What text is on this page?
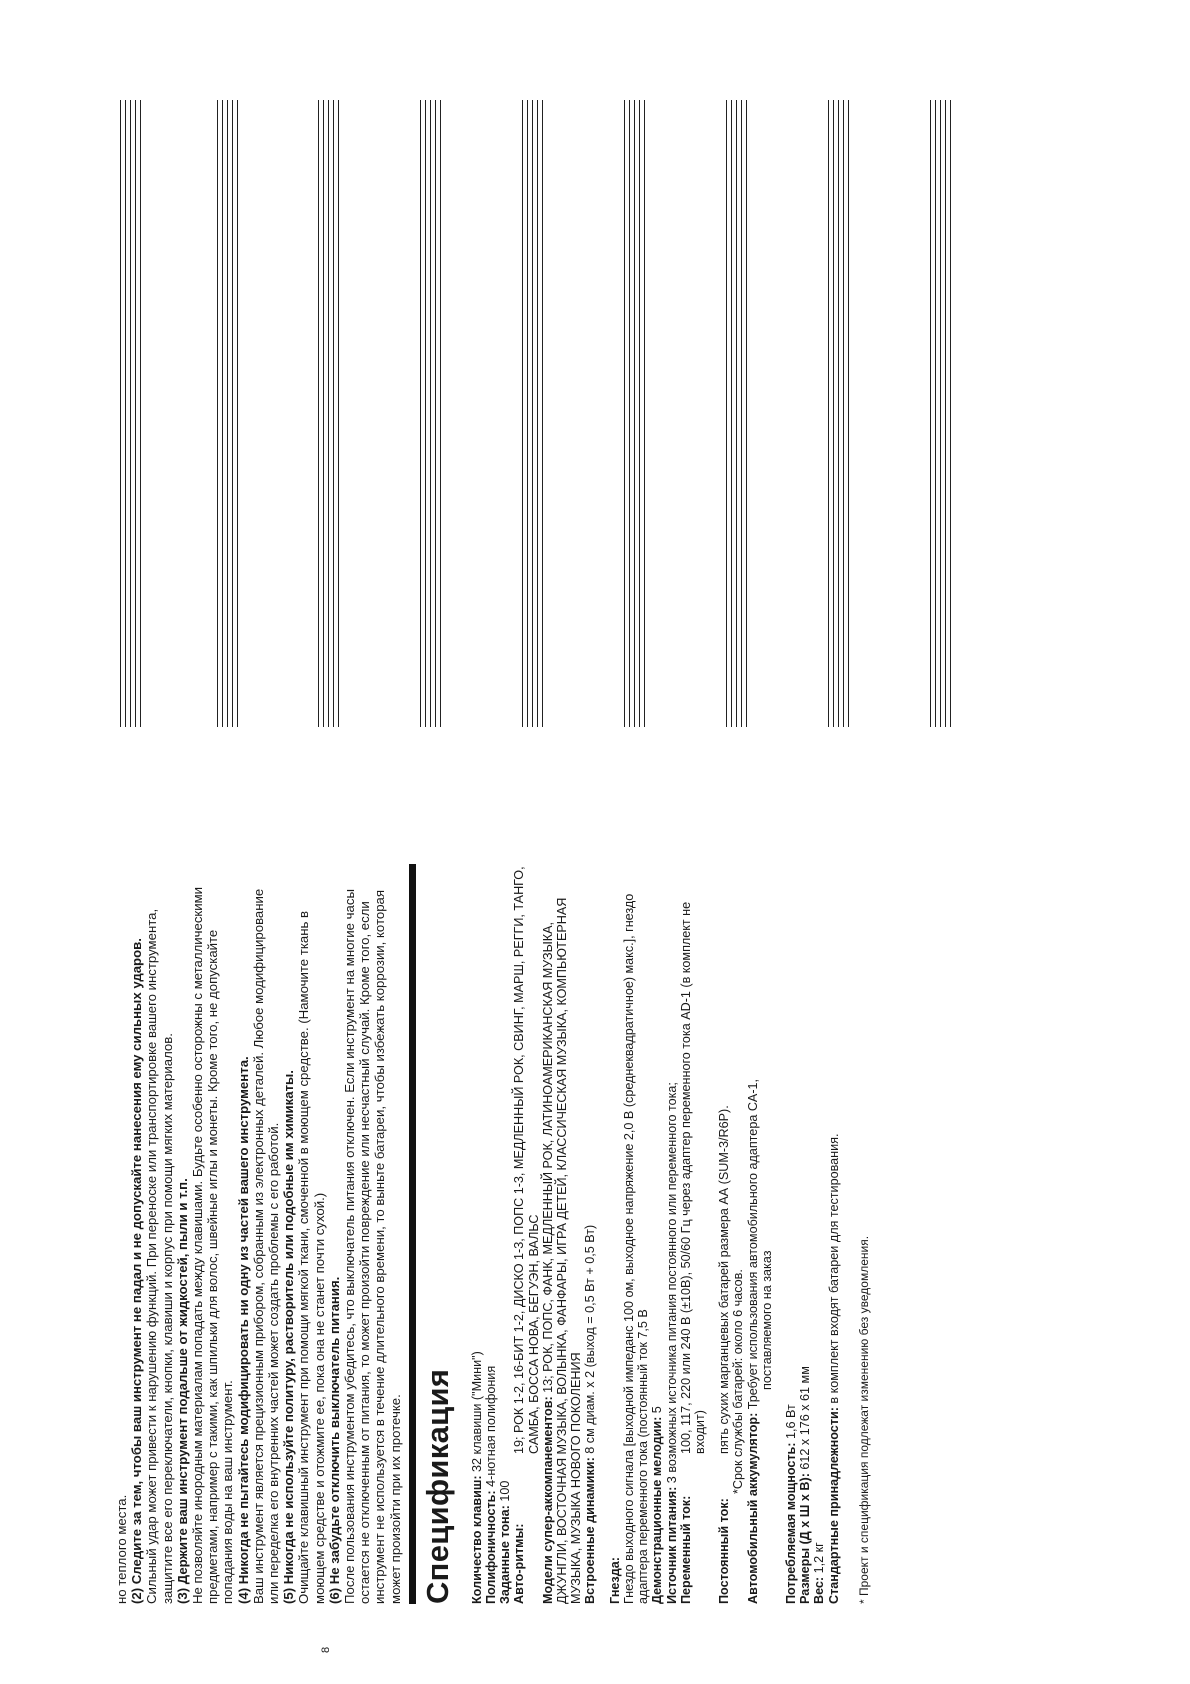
но теплого места. (2) Следите за тем, чтобы ваш инструмент не падал и не допускайте нанесения ему сильных ударов. Сильный удар может привести к нарушению функций. При переноске или транспортировке вашего инструмента, защитите все его переключатели, кнопки, клавиши и корпус при помощи мягких материалов. (3) Держите ваш инструмент подальше от жидкостей, пыли и т.п. Не позволяйте инородным материалам попадать между клавишами. Будьте особенно осторожны с металлическими предметами, например с такими, как шпильки для волос, швейные иглы и монеты. Кроме того, не допускайте попадания воды на ваш инструмент. (4) Никогда не пытайтесь модифицировать ни одну из частей вашего инструмента. Ваш инструмент является прецизионным прибором, собранным из электронных деталей. Любое модифицирование или переделка его внутренних частей может создать проблемы с его работой. (5) Никогда не используйте политуру, растворитель или подобные им химикаты. Очищайте клавишный инструмент при помощи мягкой ткани, смоченной в моющем средстве. (Намочите ткань в моющем средстве и отожмите ее, пока она не станет почти сухой.) (6) Не забудьте отключить выключатель питания. После пользования инструментом убедитесь, что выключатель питания отключен. Если инструмент на многие часы остается не отключенным от питания, то может произойти повреждение или несчастный случай. Кроме того, если инструмент не используется в течение длительного времени, то выньте батареи, чтобы избежать коррозии, которая может произойти при их протечке. Спецификация Количество клавиш: 32 клавиши ("Мини")
Полифоничность: 4-нотная полифония
Заданные тона: 100
Авто-ритмы:
19; РОК 1-2, 16-БИТ 1-2, ДИСКО 1-3, ПОПС 1-3, МЕДЛЕННЫЙ РОК, СВИНГ, МАРШ, РЕГГИ, ТАНГО, САМБА, БОССА НОВА, БЕГУЭН, ВАЛЬС
Модели супер-аккомпанементов: 13; РОК, ПОПС, ФАНК, МЕДЛЕННЫЙ РОК, ЛАТИНОАМЕРИКАНСКАЯ МУЗЫКА, ДЖУНГЛИ, ВОСТОЧНАЯ МУЗЫКА, ВОЛЫНКА, ФАНФАРЫ, ИГРА ДЕТЕЙ, КЛАССИЧЕСКАЯ МУЗЫКА, КОМПЬЮТЕРНАЯ МУЗЫКА, МУЗЫКА НОВОГО ПОКОЛЕНИЯ Встроенные динамики: 8 см диам. x 2 (выход = 0,5 Вт + 0,5 Вт)
Гнезда: Гнездо выходного сигнала [выходной импеданс 100 ом, выходное напряжение 2,0 В (среднеквадратичное) макс.], гнездо адаптера переменного тока (постоянный ток 7,5 В Демонстрационные мелодии: 5
Источник питания: 3 возможных источника питания постоянного или переменного тока;
Переменный ток:
100, 117, 220 или 240 В (±10В), 50/60 Гц через адаптер переменного тока AD-1 (в комплект не входит)
Постоянный ток:
пять сухих марганцевых батарей размера АА (SUM-3/R6P). *Срок службы батарей: около 6 часов.
Автомобильный аккумулятор: Требует использования автомобильного адаптера CA-1, поставляемого на заказ
Потребляемая мощность: 1,6 Вт
Размеры (Д x Ш x В): 612 x 176 x 61 мм
Вес: 1,2 кг Стандартные принадлежности: в комплект входят батареи для тестирования. * Проект и спецификация подлежат изменению без уведомления.
8
